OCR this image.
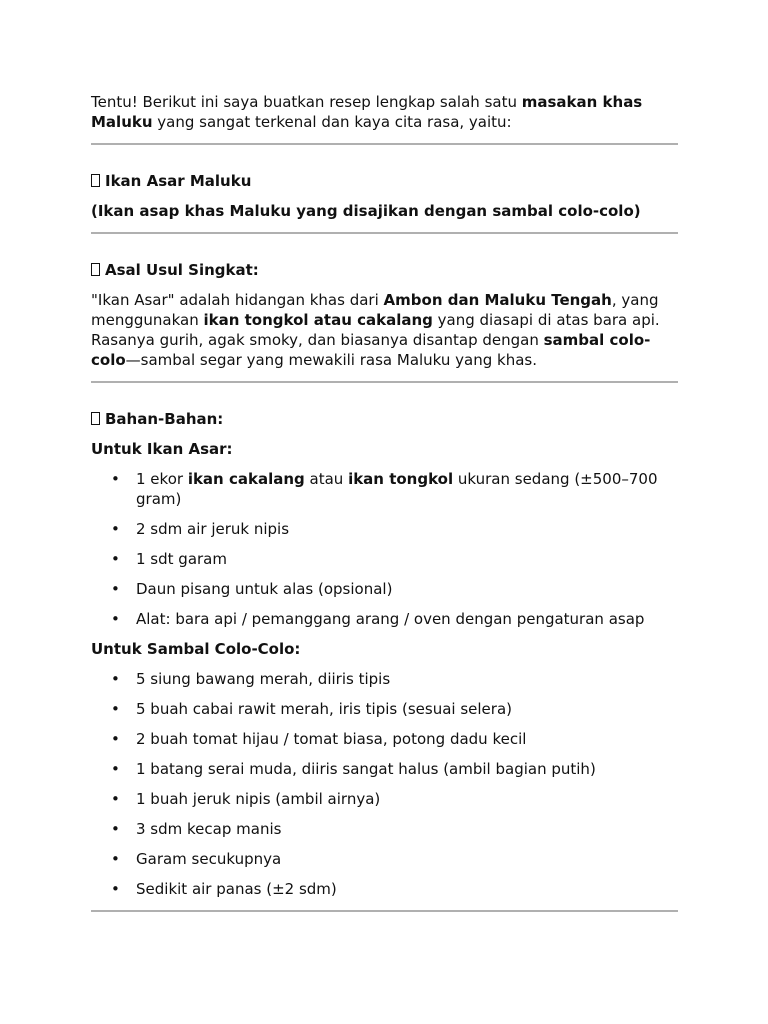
Tentu! Berikut ini saya buatkan resep lengkap salah satu masakan khas Maluku yang sangat terkenal dan kaya cita rasa, yaitu:

Ikan Asar Maluku

(Ikan asap khas Maluku yang disajikan dengan sambal colo-colo)

Asal Usul Singkat:

"Ikan Asar" adalah hidangan khas dari Ambon dan Maluku Tengah, yang menggunakan ikan tongkol atau cakalang yang diasapi di atas bara api. Rasanya gurih, agak smoky, dan biasanya disantap dengan sambal colo-colo—sambal segar yang mewakili rasa Maluku yang khas.

Bahan-Bahan:

Untuk Ikan Asar:

• 1 ekor ikan cakalang atau ikan tongkol ukuran sedang (±500–700 gram)
• 2 sdm air jeruk nipis
• 1 sdt garam
• Daun pisang untuk alas (opsional)
• Alat: bara api / pemanggang arang / oven dengan pengaturan asap

Untuk Sambal Colo-Colo:

• 5 siung bawang merah, diiris tipis
• 5 buah cabai rawit merah, iris tipis (sesuai selera)
• 2 buah tomat hijau / tomat biasa, potong dadu kecil
• 1 batang serai muda, diiris sangat halus (ambil bagian putih)
• 1 buah jeruk nipis (ambil airnya)
• 3 sdm kecap manis
• Garam secukupnya
• Sedikit air panas (±2 sdm)
